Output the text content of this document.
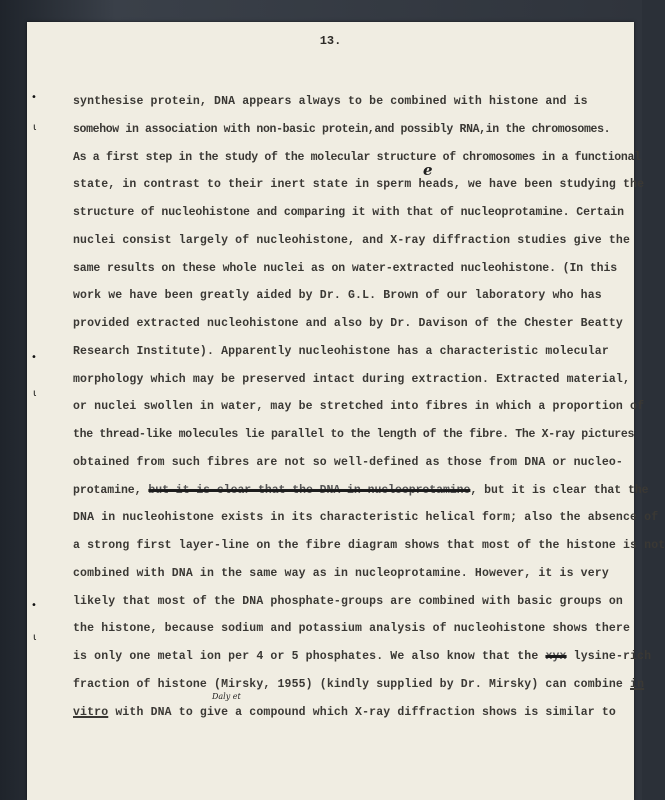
13.
e
Daly et
synthesise protein, DNA appears always to be combined with histone and is
somehow in association with non-basic protein,and possibly RNA,in the chromosomes.
As a first step in the study of the molecular structure of chromosomes in a functional
state, in contrast to their inert state in sperm heads, we have been studying the
structure of nucleohistone and comparing it with that of nucleoprotamine. Certain
nuclei consist largely of nucleohistone, and X-ray diffraction studies give the
same results on these whole nuclei as on water-extracted nucleohistone. (In this
work we have been greatly aided by Dr. G.L. Brown of our laboratory who has
provided extracted nucleohistone and also by Dr. Davison of the Chester Beatty
Research Institute). Apparently nucleohistone has a characteristic molecular
morphology which may be preserved intact during extraction. Extracted material,
or nuclei swollen in water, may be stretched into fibres in which a proportion of
the thread-like molecules lie parallel to the length of the fibre. The X-ray pictures
obtained from such fibres are not so well-defined as those from DNA or nucleo-
protamine, but it is clear that the DNA in nucleoprotamine, but it is clear that the
DNA in nucleohistone exists in its characteristic helical form; also the absence of
a strong first layer-line on the fibre diagram shows that most of the histone is not
combined with DNA in the same way as in nucleoprotamine. However, it is very
likely that most of the DNA phosphate-groups are combined with basic groups on
the histone, because sodium and potassium analysis of nucleohistone shows there
is only one metal ion per 4 or 5 phosphates. We also know that the xyx lysine-rich
fraction of histone (Mirsky, 1955) (kindly supplied by Dr. Mirsky) can combine in
vitro with DNA to give a compound which X-ray diffraction shows is similar to
•
ɩ
•
ɩ
•
ɩ
